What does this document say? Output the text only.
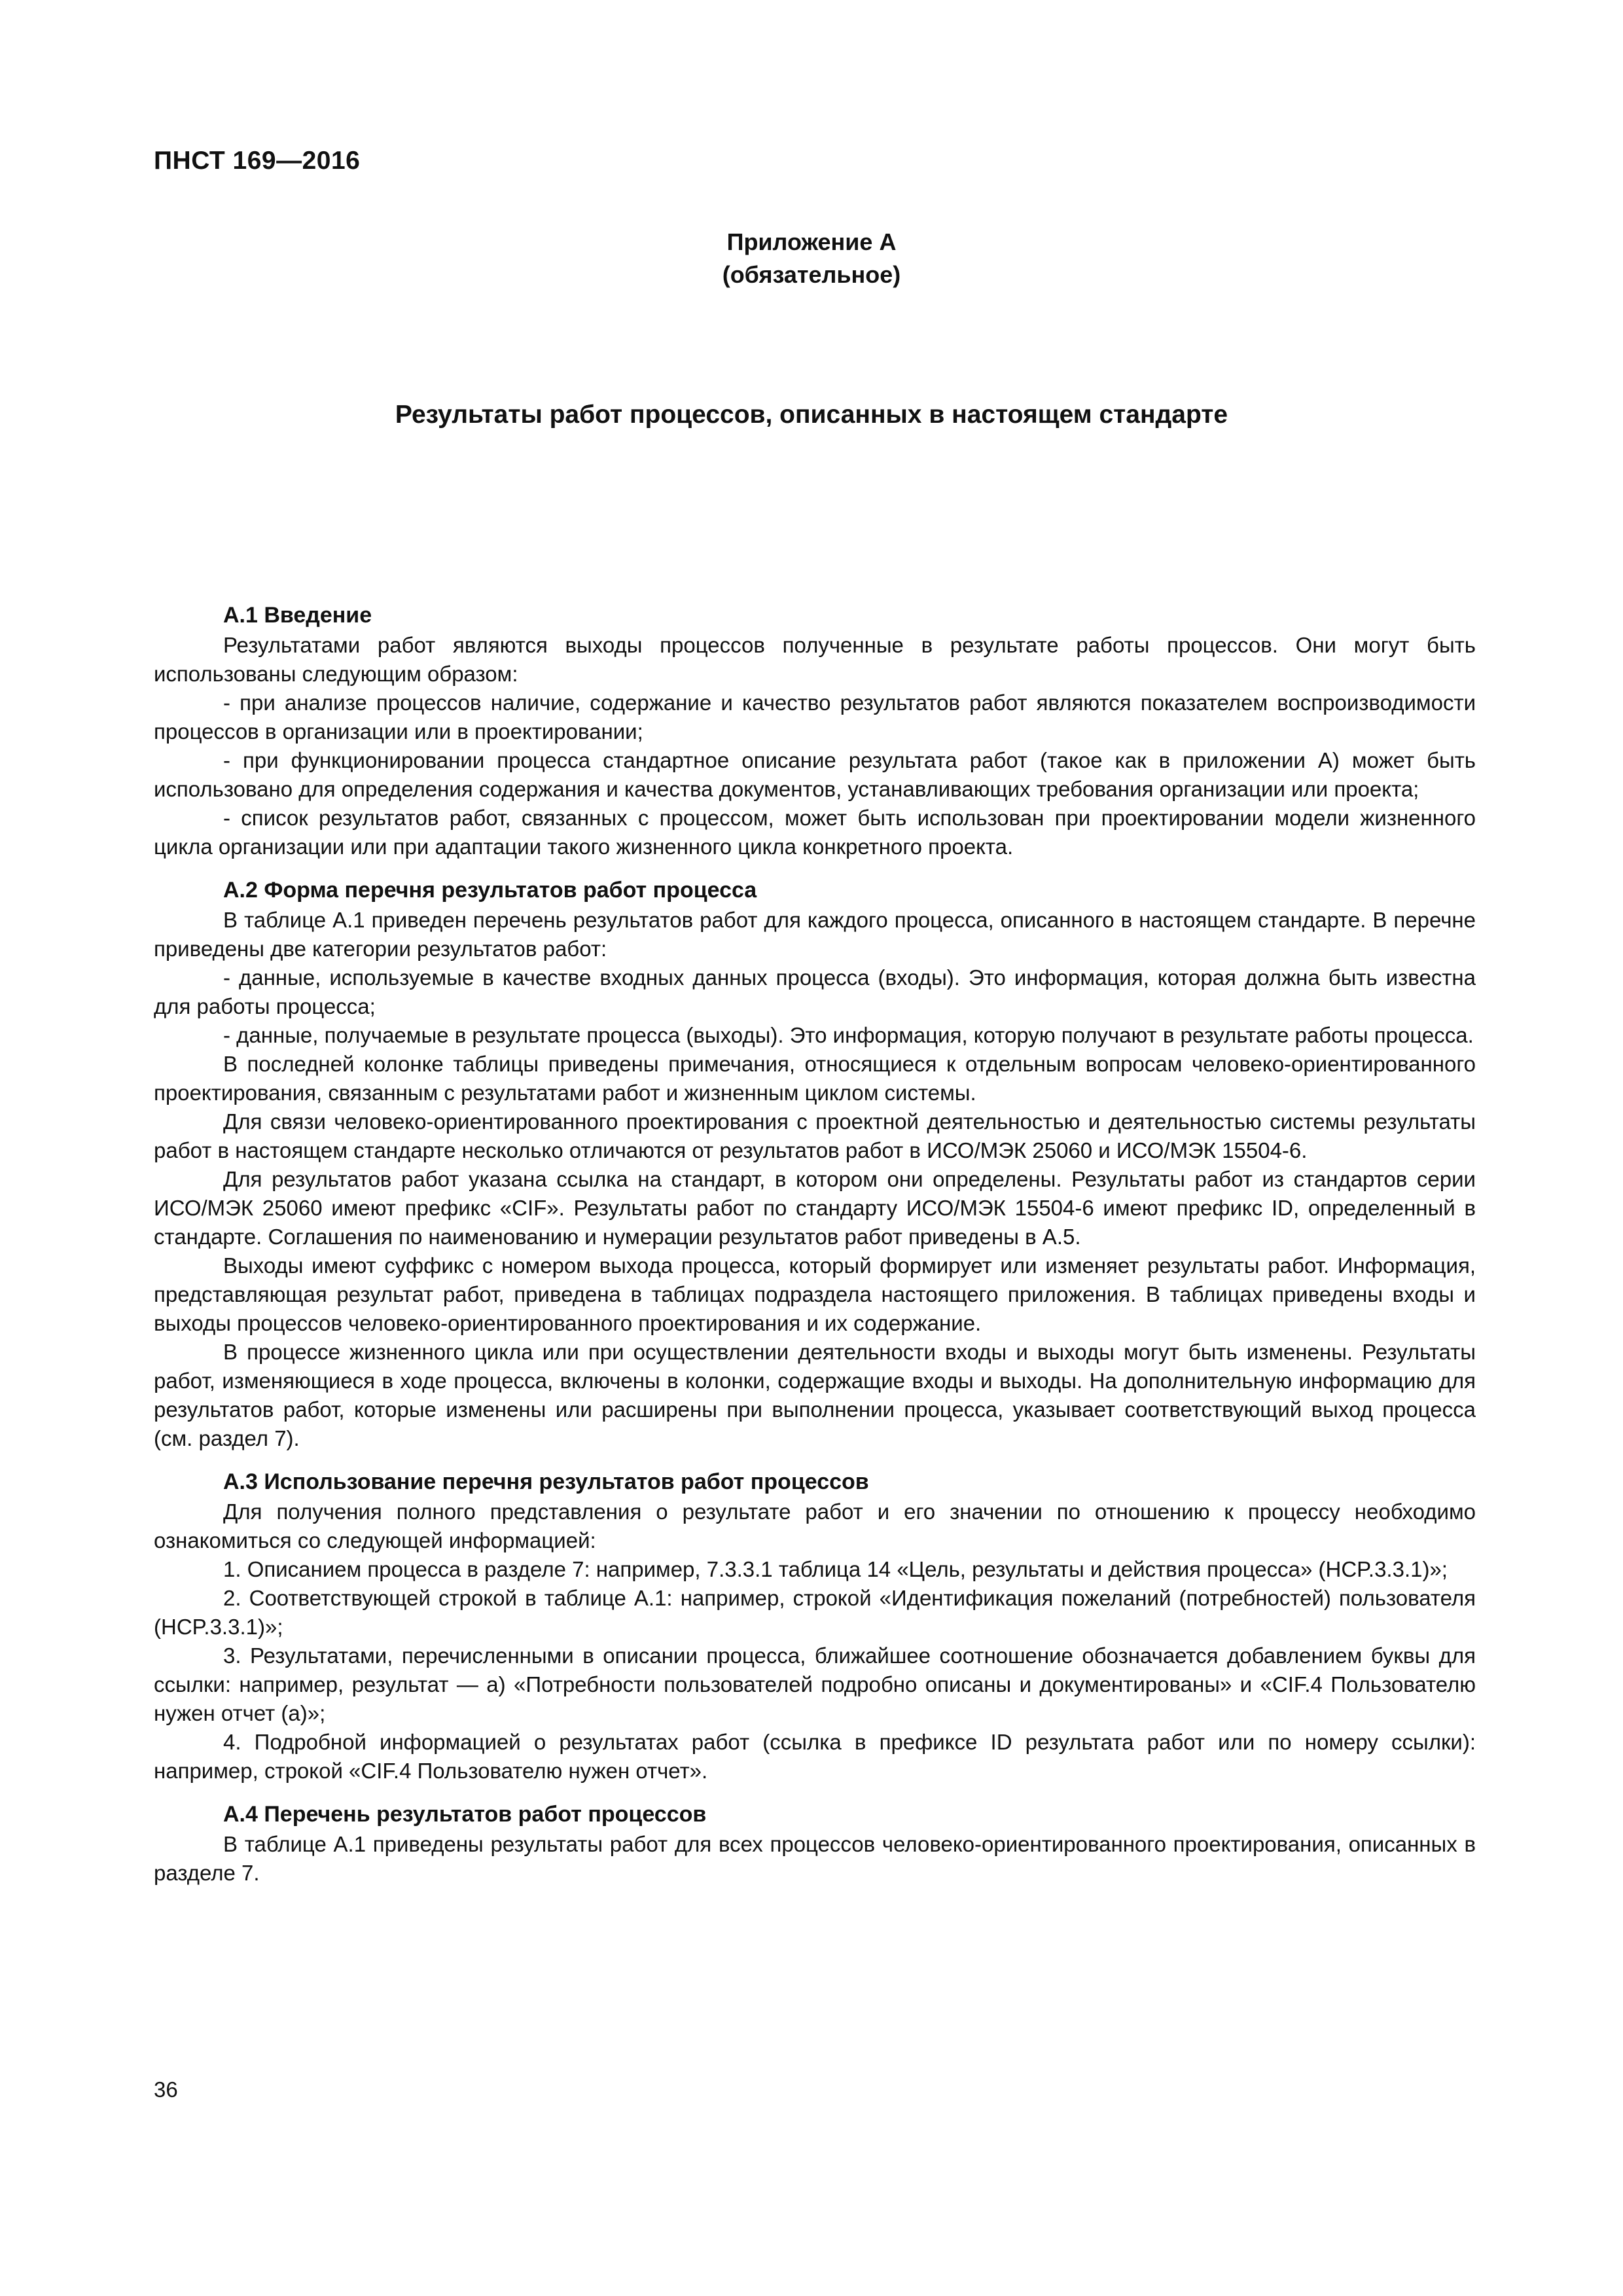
ПНСТ 169—2016
Приложение А
(обязательное)
Результаты работ процессов, описанных в настоящем стандарте
А.1 Введение

Результатами работ являются выходы процессов полученные в результате работы процессов. Они могут быть использованы следующим образом:

- при анализе процессов наличие, содержание и качество результатов работ являются показателем воспроизводимости процессов в организации или в проектировании;

- при функционировании процесса стандартное описание результата работ (такое как в приложении А) может быть использовано для определения содержания и качества документов, устанавливающих требования организации или проекта;

- список результатов работ, связанных с процессом, может быть использован при проектировании модели жизненного цикла организации или при адаптации такого жизненного цикла конкретного проекта.

А.2 Форма перечня результатов работ процесса

В таблице А.1 приведен перечень результатов работ для каждого процесса, описанного в настоящем стандарте. В перечне приведены две категории результатов работ:

- данные, используемые в качестве входных данных процесса (входы). Это информация, которая должна быть известна для работы процесса;

- данные, получаемые в результате процесса (выходы). Это информация, которую получают в результате работы процесса.

В последней колонке таблицы приведены примечания, относящиеся к отдельным вопросам человеко-ориентированного проектирования, связанным с результатами работ и жизненным циклом системы.

Для связи человеко-ориентированного проектирования с проектной деятельностью и деятельностью системы результаты работ в настоящем стандарте несколько отличаются от результатов работ в ИСО/МЭК 25060 и ИСО/МЭК 15504-6.

Для результатов работ указана ссылка на стандарт, в котором они определены. Результаты работ из стандартов серии ИСО/МЭК 25060 имеют префикс «CIF». Результаты работ по стандарту ИСО/МЭК 15504-6 имеют префикс ID, определенный в стандарте. Соглашения по наименованию и нумерации результатов работ приведены в А.5.

Выходы имеют суффикс с номером выхода процесса, который формирует или изменяет результаты работ. Информация, представляющая результат работ, приведена в таблицах подраздела настоящего приложения. В таблицах приведены входы и выходы процессов человеко-ориентированного проектирования и их содержание.

В процессе жизненного цикла или при осуществлении деятельности входы и выходы могут быть изменены. Результаты работ, изменяющиеся в ходе процесса, включены в колонки, содержащие входы и выходы. На дополнительную информацию для результатов работ, которые изменены или расширены при выполнении процесса, указывает соответствующий выход процесса (см. раздел 7).

А.3 Использование перечня результатов работ процессов

Для получения полного представления о результате работ и его значении по отношению к процессу необходимо ознакомиться со следующей информацией:

1. Описанием процесса в разделе 7: например, 7.3.3.1 таблица 14 «Цель, результаты и действия процесса» (HCP.3.3.1)»;

2. Соответствующей строкой в таблице А.1: например, строкой «Идентификация пожеланий (потребностей) пользователя (HCP.3.3.1)»;

3. Результатами, перечисленными в описании процесса, ближайшее соотношение обозначается добавлением буквы для ссылки: например, результат — а) «Потребности пользователей подробно описаны и документированы» и «CIF.4 Пользователю нужен отчет (а)»;

4. Подробной информацией о результатах работ (ссылка в префиксе ID результата работ или по номеру ссылки): например, строкой «CIF.4 Пользователю нужен отчет».

А.4 Перечень результатов работ процессов

В таблице А.1 приведены результаты работ для всех процессов человеко-ориентированного проектирования, описанных в разделе 7.

36
